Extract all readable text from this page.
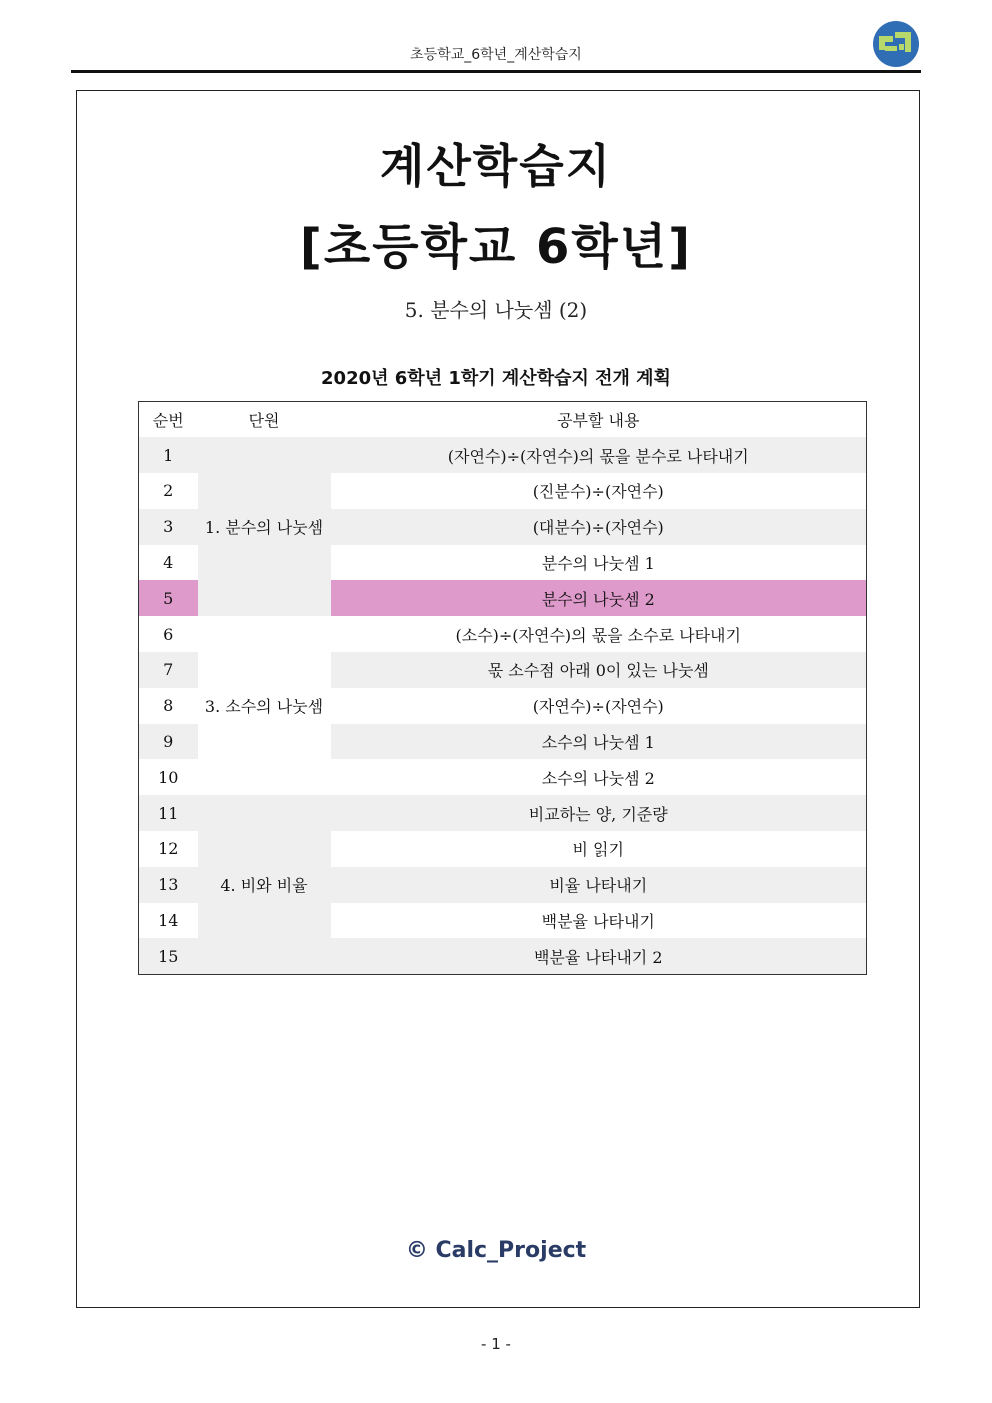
초등학교_6학년_계산학습지
계산학습지
[초등학교 6학년]
5. 분수의 나눗셈 (2)
2020년 6학년 1학기 계산학습지 전개 계획
순번	단원	공부할 내용
1	1. 분수의 나눗셈	(자연수)÷(자연수)의 몫을 분수로 나타내기
2		(진분수)÷(자연수)
3		(대분수)÷(자연수)
4		분수의 나눗셈 1
5		분수의 나눗셈 2
6	3. 소수의 나눗셈	(소수)÷(자연수)의 몫을 소수로 나타내기
7		몫 소수점 아래 0이 있는 나눗셈
8		(자연수)÷(자연수)
9		소수의 나눗셈 1
10		소수의 나눗셈 2
11	4. 비와 비율	비교하는 양, 기준량
12		비 읽기
13		비율 나타내기
14		백분율 나타내기
15		백분율 나타내기 2
© Calc_Project
- 1 -
